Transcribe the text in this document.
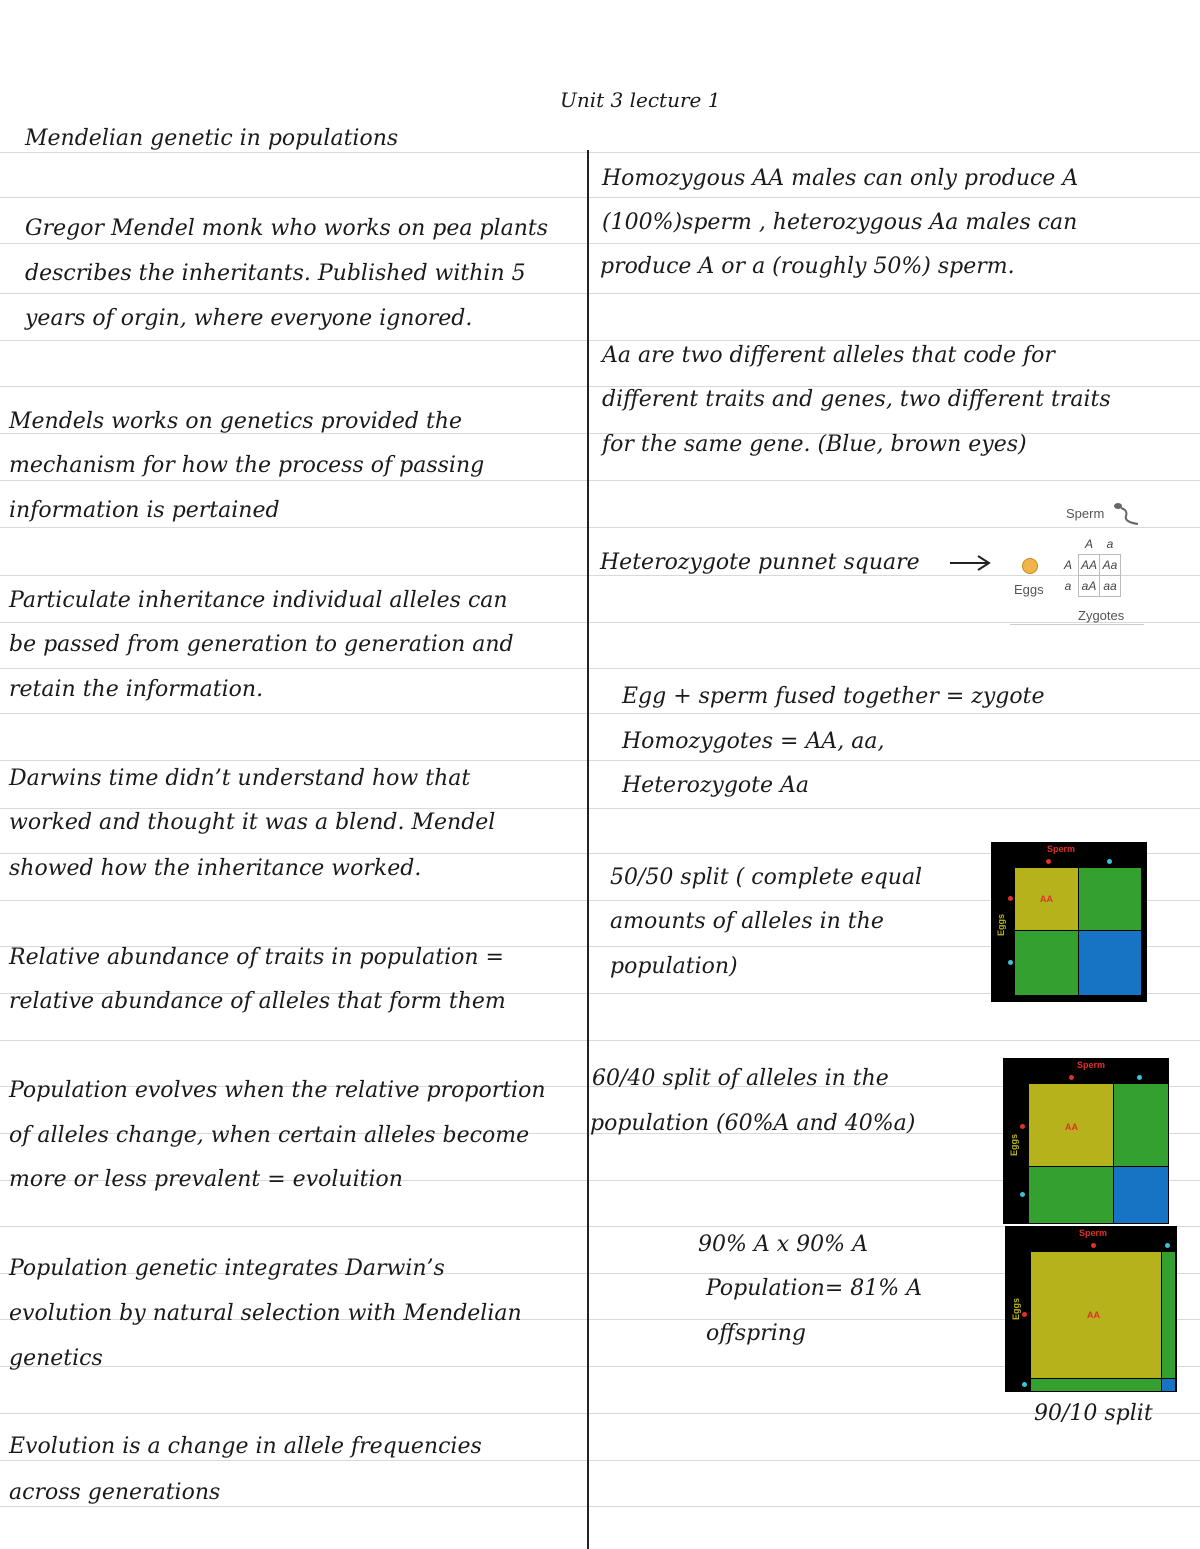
Unit 3 lecture 1
Mendelian genetic in populations
Gregor Mendel monk who works on pea plants
describes the inheritants. Published within 5
years of orgin, where everyone ignored.
Mendels works on genetics provided the
mechanism for how the process of passing
information is pertained
Particulate inheritance individual alleles can
be passed from generation to generation and
retain the information.
Darwins time didn’t understand how that
worked and thought it was a blend. Mendel
showed how the inheritance worked.
Relative abundance of traits in population =
relative abundance of alleles that form them
Population evolves when the relative proportion
of alleles change, when certain alleles become
more or less prevalent = evoluition
Population genetic integrates Darwin’s
evolution by natural selection with Mendelian
genetics
Evolution is a change in allele frequencies
across generations
Homozygous AA males can only produce A
(100%)sperm , heterozygous Aa males can
produce A or a (roughly 50%) sperm.
Aa are two different alleles that code for
different traits and genes, two different traits
for the same gene. (Blue, brown eyes)
Heterozygote punnet square
Egg + sperm fused together = zygote
Homozygotes = AA, aa,
Heterozygote Aa
50/50 split ( complete equal
amounts of alleles in the
population)
60/40 split of alleles in the
population (60%A and 40%a)
90% A x 90% A
Population= 81% A
offspring
90/10 split
Sperm
	A	a
A	AA	Aa
a	aA	aa
Eggs
Zygotes
Sperm
Eggs
AA
Sperm
Eggs
AA
Sperm
Eggs	AA
